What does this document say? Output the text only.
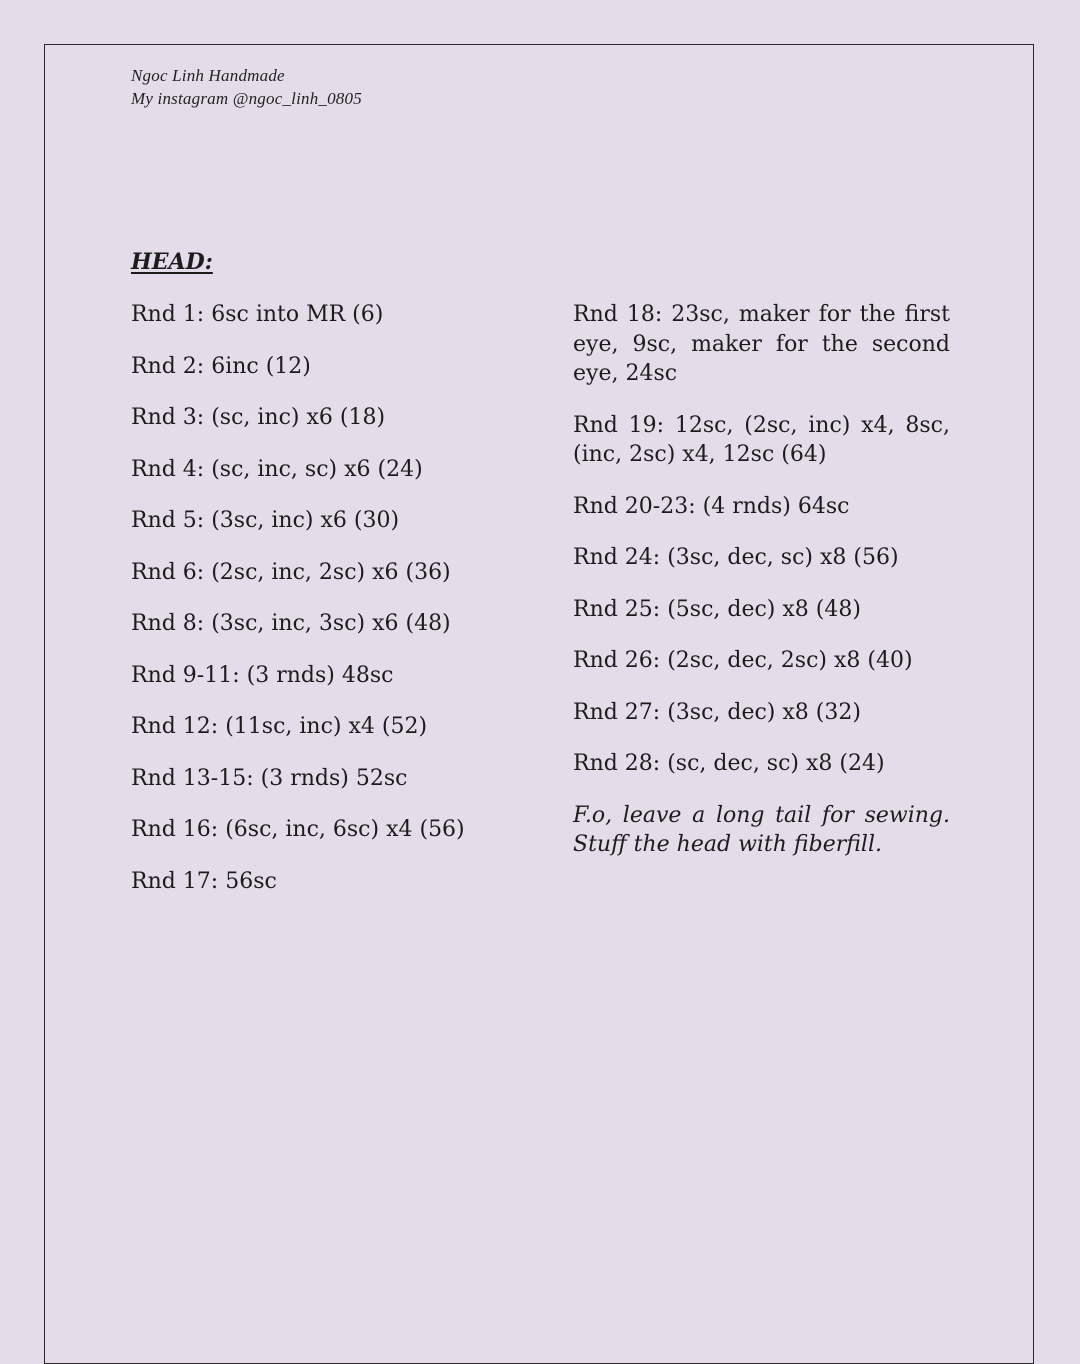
Ngoc Linh Handmade
My instagram @ngoc_linh_0805
HEAD:
Rnd 1: 6sc into MR (6)
Rnd 2: 6inc (12)
Rnd 3: (sc, inc) x6 (18)
Rnd 4: (sc, inc, sc) x6 (24)
Rnd 5: (3sc, inc) x6 (30)
Rnd 6: (2sc, inc, 2sc) x6 (36)
Rnd 8: (3sc, inc, 3sc) x6 (48)
Rnd 9-11: (3 rnds) 48sc
Rnd 12: (11sc, inc) x4 (52)
Rnd 13-15: (3 rnds) 52sc
Rnd 16: (6sc, inc, 6sc) x4 (56)
Rnd 17: 56sc
Rnd 18: 23sc, maker for the first eye, 9sc, maker for the second eye, 24sc
Rnd 19: 12sc, (2sc, inc) x4, 8sc, (inc, 2sc) x4, 12sc (64)
Rnd 20-23: (4 rnds) 64sc
Rnd 24: (3sc, dec, sc) x8 (56)
Rnd 25: (5sc, dec) x8 (48)
Rnd 26: (2sc, dec, 2sc) x8 (40)
Rnd 27: (3sc, dec) x8 (32)
Rnd 28: (sc, dec, sc) x8 (24)
F.o, leave a long tail for sewing. Stuff the head with fiberfill.
